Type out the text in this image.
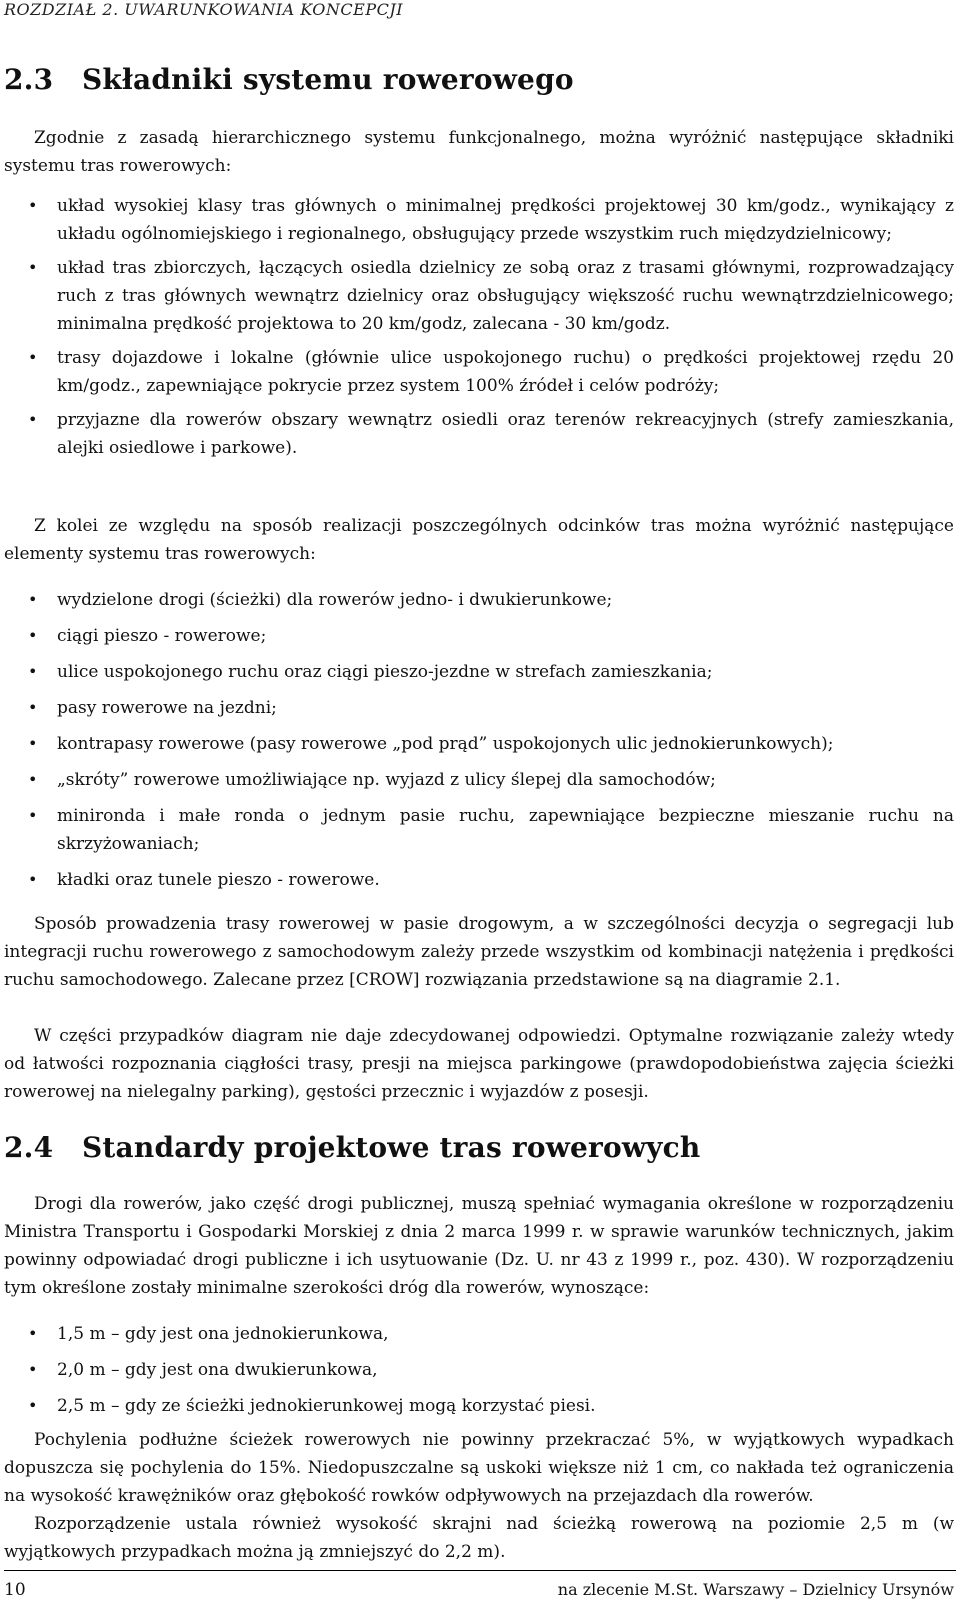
ROZDZIAŁ 2. UWARUNKOWANIA KONCEPCJI
2.3 Składniki systemu rowerowego

Zgodnie z zasadą hierarchicznego systemu funkcjonalnego, można wyróżnić następujące składniki systemu tras rowerowych:

• układ wysokiej klasy tras głównych o minimalnej prędkości projektowej 30 km/godz., wynikający z układu ogólnomiejskiego i regionalnego, obsługujący przede wszystkim ruch międzydzielnicowy;
• układ tras zbiorczych, łączących osiedla dzielnicy ze sobą oraz z trasami głównymi, rozprowadzający ruch z tras głównych wewnątrz dzielnicy oraz obsługujący większość ruchu wewnątrzdzielnicowego; minimalna prędkość projektowa to 20 km/godz, zalecana - 30 km/godz.
• trasy dojazdowe i lokalne (głównie ulice uspokojonego ruchu) o prędkości projektowej rzędu 20 km/godz., zapewniające pokrycie przez system 100% źródeł i celów podróży;
• przyjazne dla rowerów obszary wewnątrz osiedli oraz terenów rekreacyjnych (strefy zamieszkania, alejki osiedlowe i parkowe).

Z kolei ze względu na sposób realizacji poszczególnych odcinków tras można wyróżnić następujące elementy systemu tras rowerowych:

• wydzielone drogi (ścieżki) dla rowerów jedno- i dwukierunkowe;
• ciągi pieszo - rowerowe;
• ulice uspokojonego ruchu oraz ciągi pieszo-jezdne w strefach zamieszkania;
• pasy rowerowe na jezdni;
• kontrapasy rowerowe (pasy rowerowe „pod prąd” uspokojonych ulic jednokierunkowych);
• „skróty” rowerowe umożliwiające np. wyjazd z ulicy ślepej dla samochodów;
• minironda i małe ronda o jednym pasie ruchu, zapewniające bezpieczne mieszanie ruchu na skrzyżowaniach;
• kładki oraz tunele pieszo - rowerowe.

Sposób prowadzenia trasy rowerowej w pasie drogowym, a w szczególności decyzja o segregacji lub integracji ruchu rowerowego z samochodowym zależy przede wszystkim od kombinacji natężenia i prędkości ruchu samochodowego. Zalecane przez [CROW] rozwiązania przedstawione są na diagramie 2.1.

W części przypadków diagram nie daje zdecydowanej odpowiedzi. Optymalne rozwiązanie zależy wtedy od łatwości rozpoznania ciągłości trasy, presji na miejsca parkingowe (prawdopodobieństwa zajęcia ścieżki rowerowej na nielegalny parking), gęstości przecznic i wyjazdów z posesji.

2.4 Standardy projektowe tras rowerowych

Drogi dla rowerów, jako część drogi publicznej, muszą spełniać wymagania określone w rozporządzeniu Ministra Transportu i Gospodarki Morskiej z dnia 2 marca 1999 r. w sprawie warunków technicznych, jakim powinny odpowiadać drogi publiczne i ich usytuowanie (Dz. U. nr 43 z 1999 r., poz. 430). W rozporządzeniu tym określone zostały minimalne szerokości dróg dla rowerów, wynoszące:

• 1,5 m – gdy jest ona jednokierunkowa,
• 2,0 m – gdy jest ona dwukierunkowa,
• 2,5 m – gdy ze ścieżki jednokierunkowej mogą korzystać piesi.

Pochylenia podłużne ścieżek rowerowych nie powinny przekraczać 5%, w wyjątkowych wypadkach dopuszcza się pochylenia do 15%. Niedopuszczalne są uskoki większe niż 1 cm, co nakłada też ograniczenia na wysokość krawężników oraz głębokość rowków odpływowych na przejazdach dla rowerów.

Rozporządzenie ustala również wysokość skrajni nad ścieżką rowerową na poziomie 2,5 m (w wyjątkowych przypadkach można ją zmniejszyć do 2,2 m).

10	na zlecenie M.St. Warszawy – Dzielnicy Ursynów
